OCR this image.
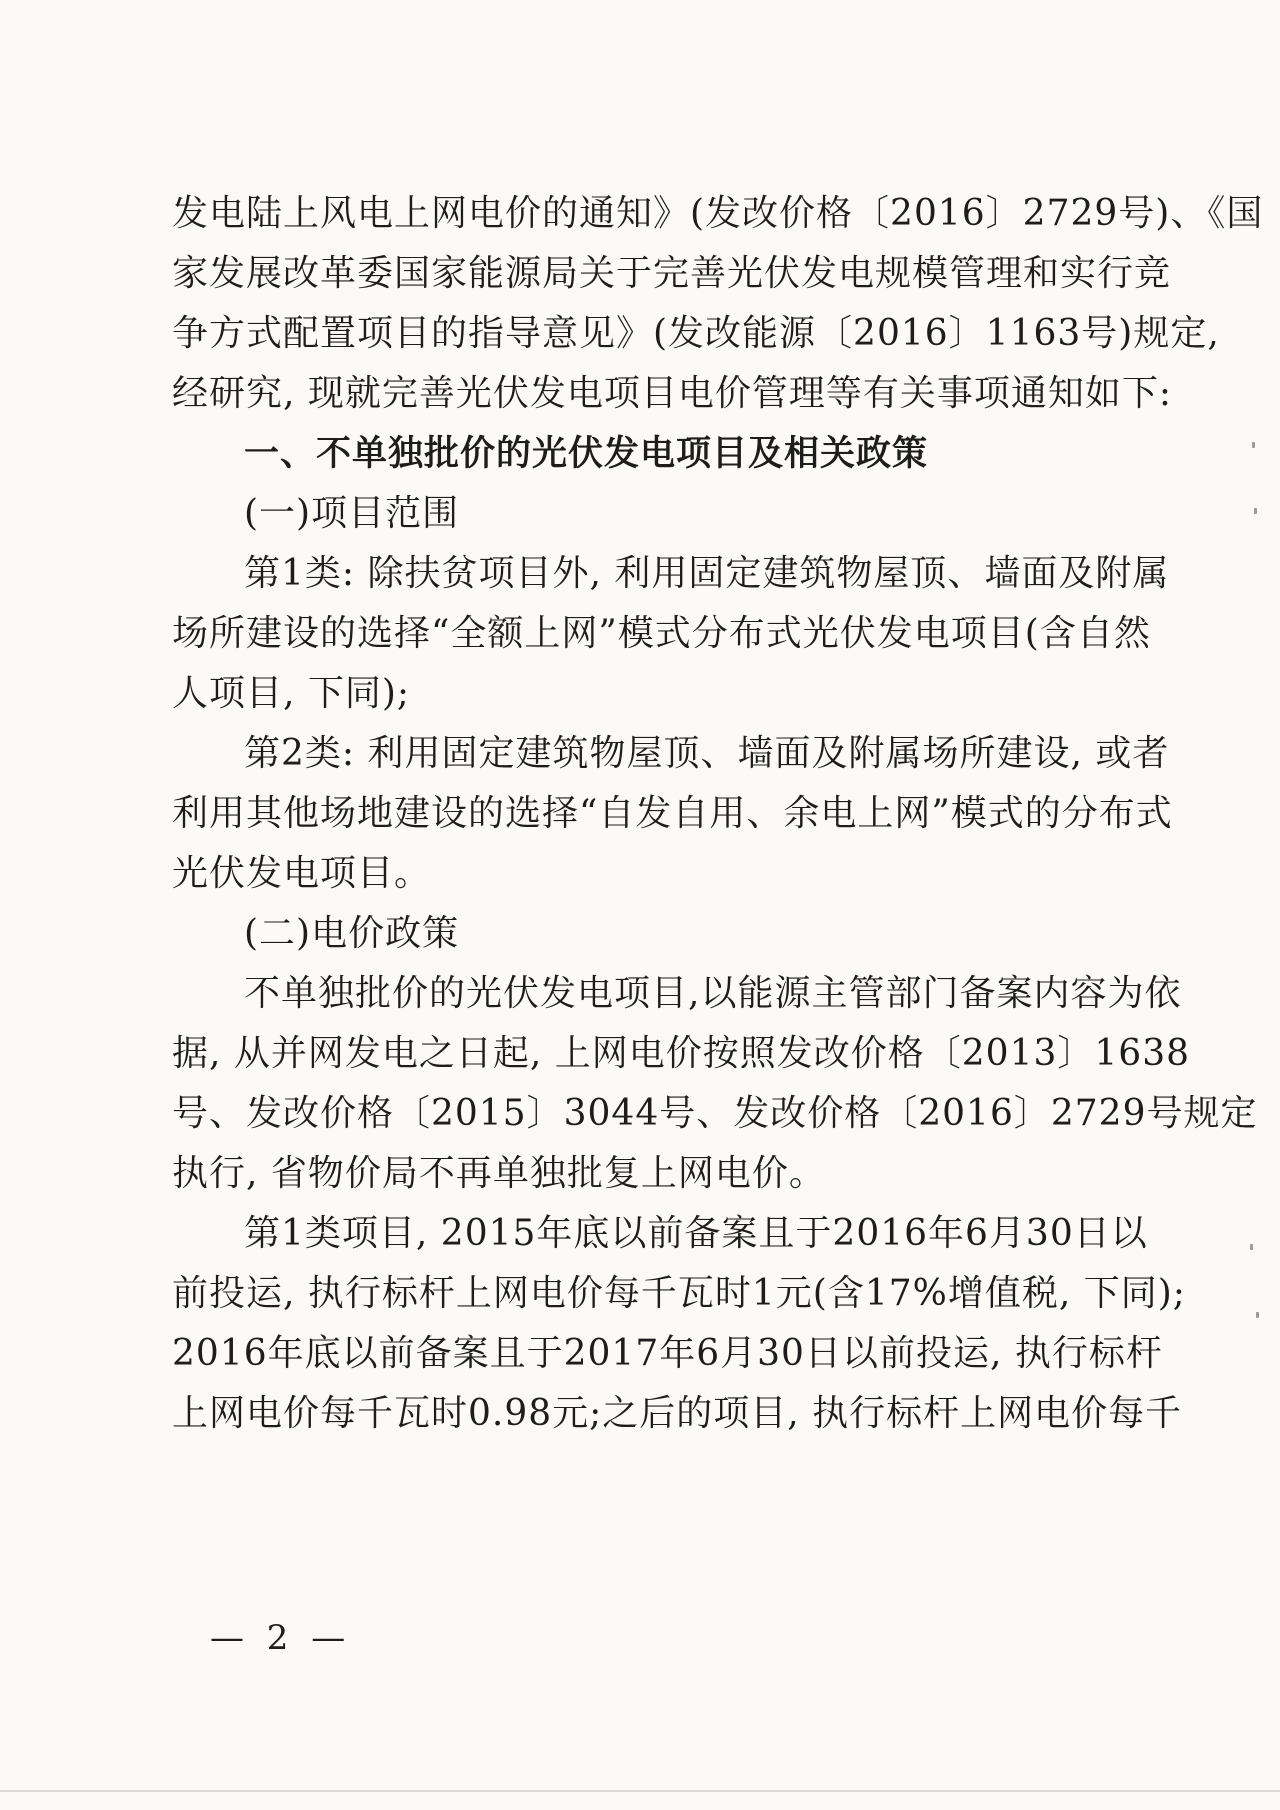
发电陆上风电上网电价的通知》(发改价格〔2016〕2729号)、《国
家发展改革委国家能源局关于完善光伏发电规模管理和实行竞
争方式配置项目的指导意见》(发改能源〔2016〕1163号)规定,
经研究, 现就完善光伏发电项目电价管理等有关事项通知如下:
一、不单独批价的光伏发电项目及相关政策
(一)项目范围
第1类: 除扶贫项目外, 利用固定建筑物屋顶、墙面及附属
场所建设的选择“全额上网”模式分布式光伏发电项目(含自然
人项目, 下同);
第2类: 利用固定建筑物屋顶、墙面及附属场所建设, 或者
利用其他场地建设的选择“自发自用、余电上网”模式的分布式
光伏发电项目。
(二)电价政策
不单独批价的光伏发电项目,以能源主管部门备案内容为依
据, 从并网发电之日起, 上网电价按照发改价格〔2013〕1638
号、发改价格〔2015〕3044号、发改价格〔2016〕2729号规定
执行, 省物价局不再单独批复上网电价。
第1类项目, 2015年底以前备案且于2016年6月30日以
前投运, 执行标杆上网电价每千瓦时1元(含17%增值税, 下同);
2016年底以前备案且于2017年6月30日以前投运, 执行标杆
上网电价每千瓦时0.98元;之后的项目, 执行标杆上网电价每千
— 2 —
